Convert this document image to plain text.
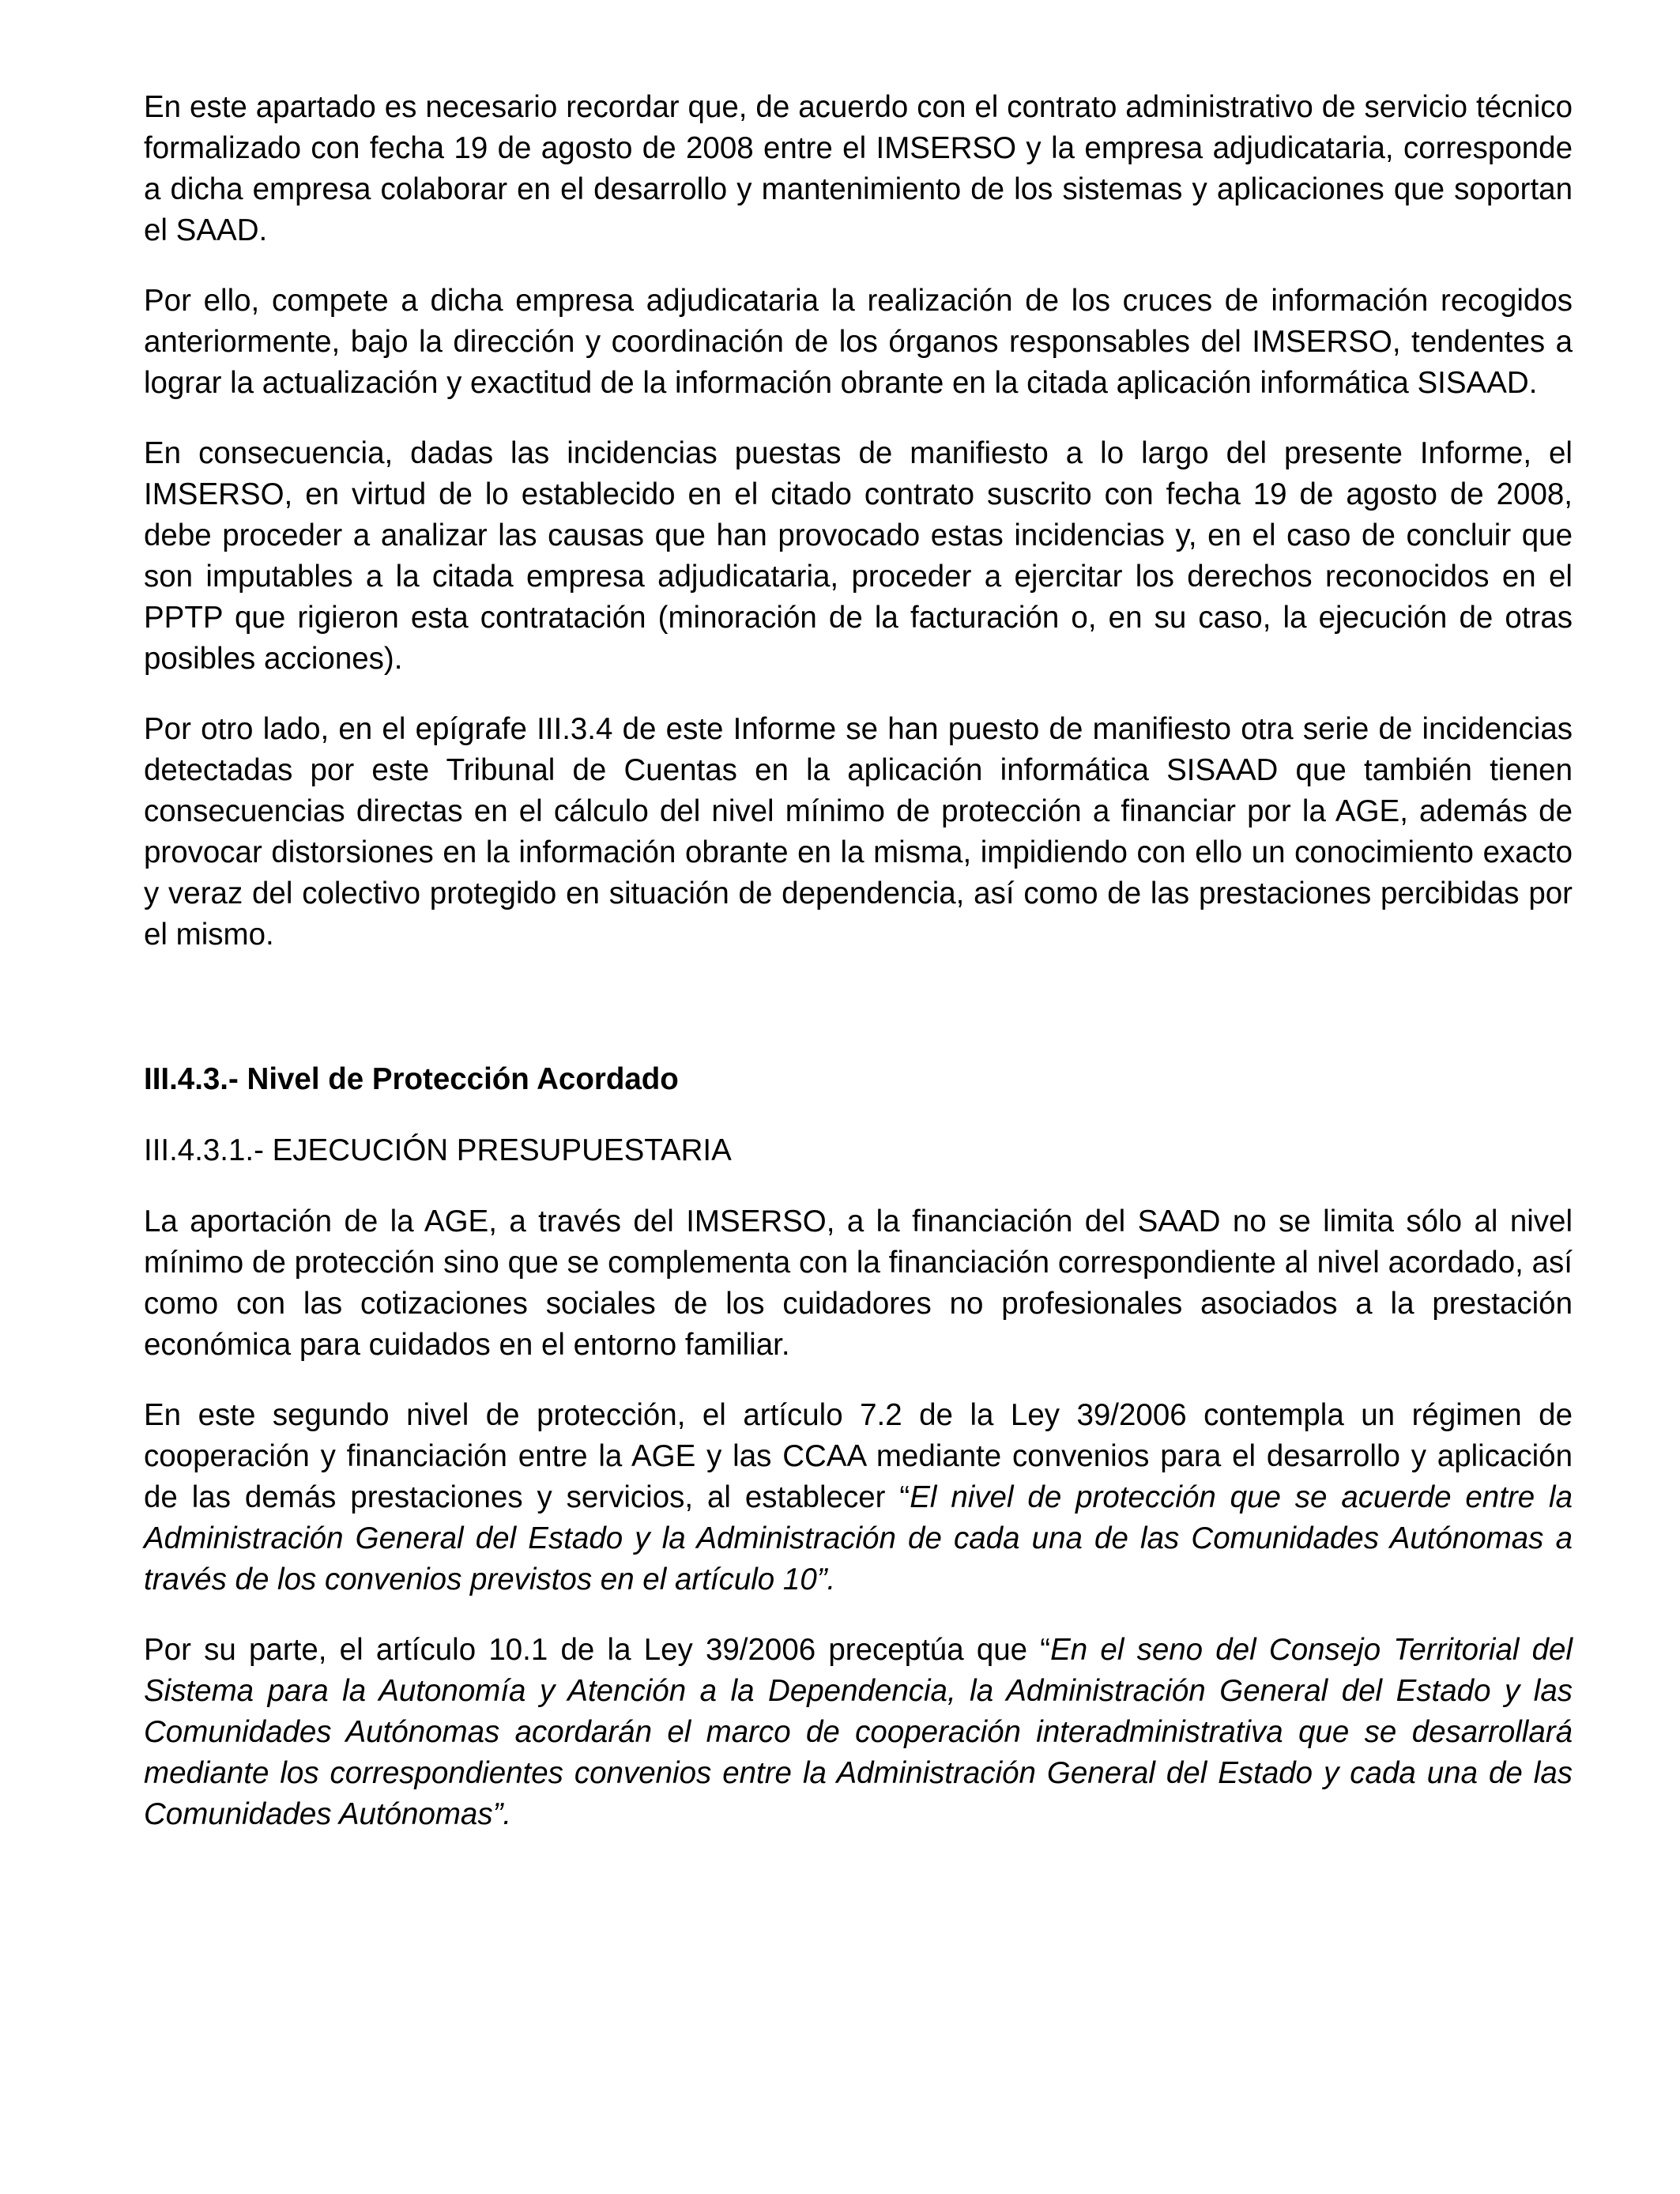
En este apartado es necesario recordar que, de acuerdo con el contrato administrativo de servicio técnico formalizado con fecha 19 de agosto de 2008 entre el IMSERSO y la empresa adjudicataria, corresponde a dicha empresa colaborar en el desarrollo y mantenimiento de los sistemas y aplicaciones que soportan el SAAD.

Por ello, compete a dicha empresa adjudicataria la realización de los cruces de información recogidos anteriormente, bajo la dirección y coordinación de los órganos responsables del IMSERSO, tendentes a lograr la actualización y exactitud de la información obrante en la citada aplicación informática SISAAD.

En consecuencia, dadas las incidencias puestas de manifiesto a lo largo del presente Informe, el IMSERSO, en virtud de lo establecido en el citado contrato suscrito con fecha 19 de agosto de 2008, debe proceder a analizar las causas que han provocado estas incidencias y, en el caso de concluir que son imputables a la citada empresa adjudicataria, proceder a ejercitar los derechos reconocidos en el PPTP que rigieron esta contratación (minoración de la facturación o, en su caso, la ejecución de otras posibles acciones).

Por otro lado, en el epígrafe III.3.4 de este Informe se han puesto de manifiesto otra serie de incidencias detectadas por este Tribunal de Cuentas en la aplicación informática SISAAD que también tienen consecuencias directas en el cálculo del nivel mínimo de protección a financiar por la AGE, además de provocar distorsiones en la información obrante en la misma, impidiendo con ello un conocimiento exacto y veraz del colectivo protegido en situación de dependencia, así como de las prestaciones percibidas por el mismo.

III.4.3.- Nivel de Protección Acordado
III.4.3.1.- EJECUCIÓN PRESUPUESTARIA

La aportación de la AGE, a través del IMSERSO, a la financiación del SAAD no se limita sólo al nivel mínimo de protección sino que se complementa con la financiación correspondiente al nivel acordado, así como con las cotizaciones sociales de los cuidadores no profesionales asociados a la prestación económica para cuidados en el entorno familiar.

En este segundo nivel de protección, el artículo 7.2 de la Ley 39/2006 contempla un régimen de cooperación y financiación entre la AGE y las CCAA mediante convenios para el desarrollo y aplicación de las demás prestaciones y servicios, al establecer “El nivel de protección que se acuerde entre la Administración General del Estado y la Administración de cada una de las Comunidades Autónomas a través de los convenios previstos en el artículo 10”.

Por su parte, el artículo 10.1 de la Ley 39/2006 preceptúa que “En el seno del Consejo Territorial del Sistema para la Autonomía y Atención a la Dependencia, la Administración General del Estado y las Comunidades Autónomas acordarán el marco de cooperación interadministrativa que se desarrollará mediante los correspondientes convenios entre la Administración General del Estado y cada una de las Comunidades Autónomas”.
